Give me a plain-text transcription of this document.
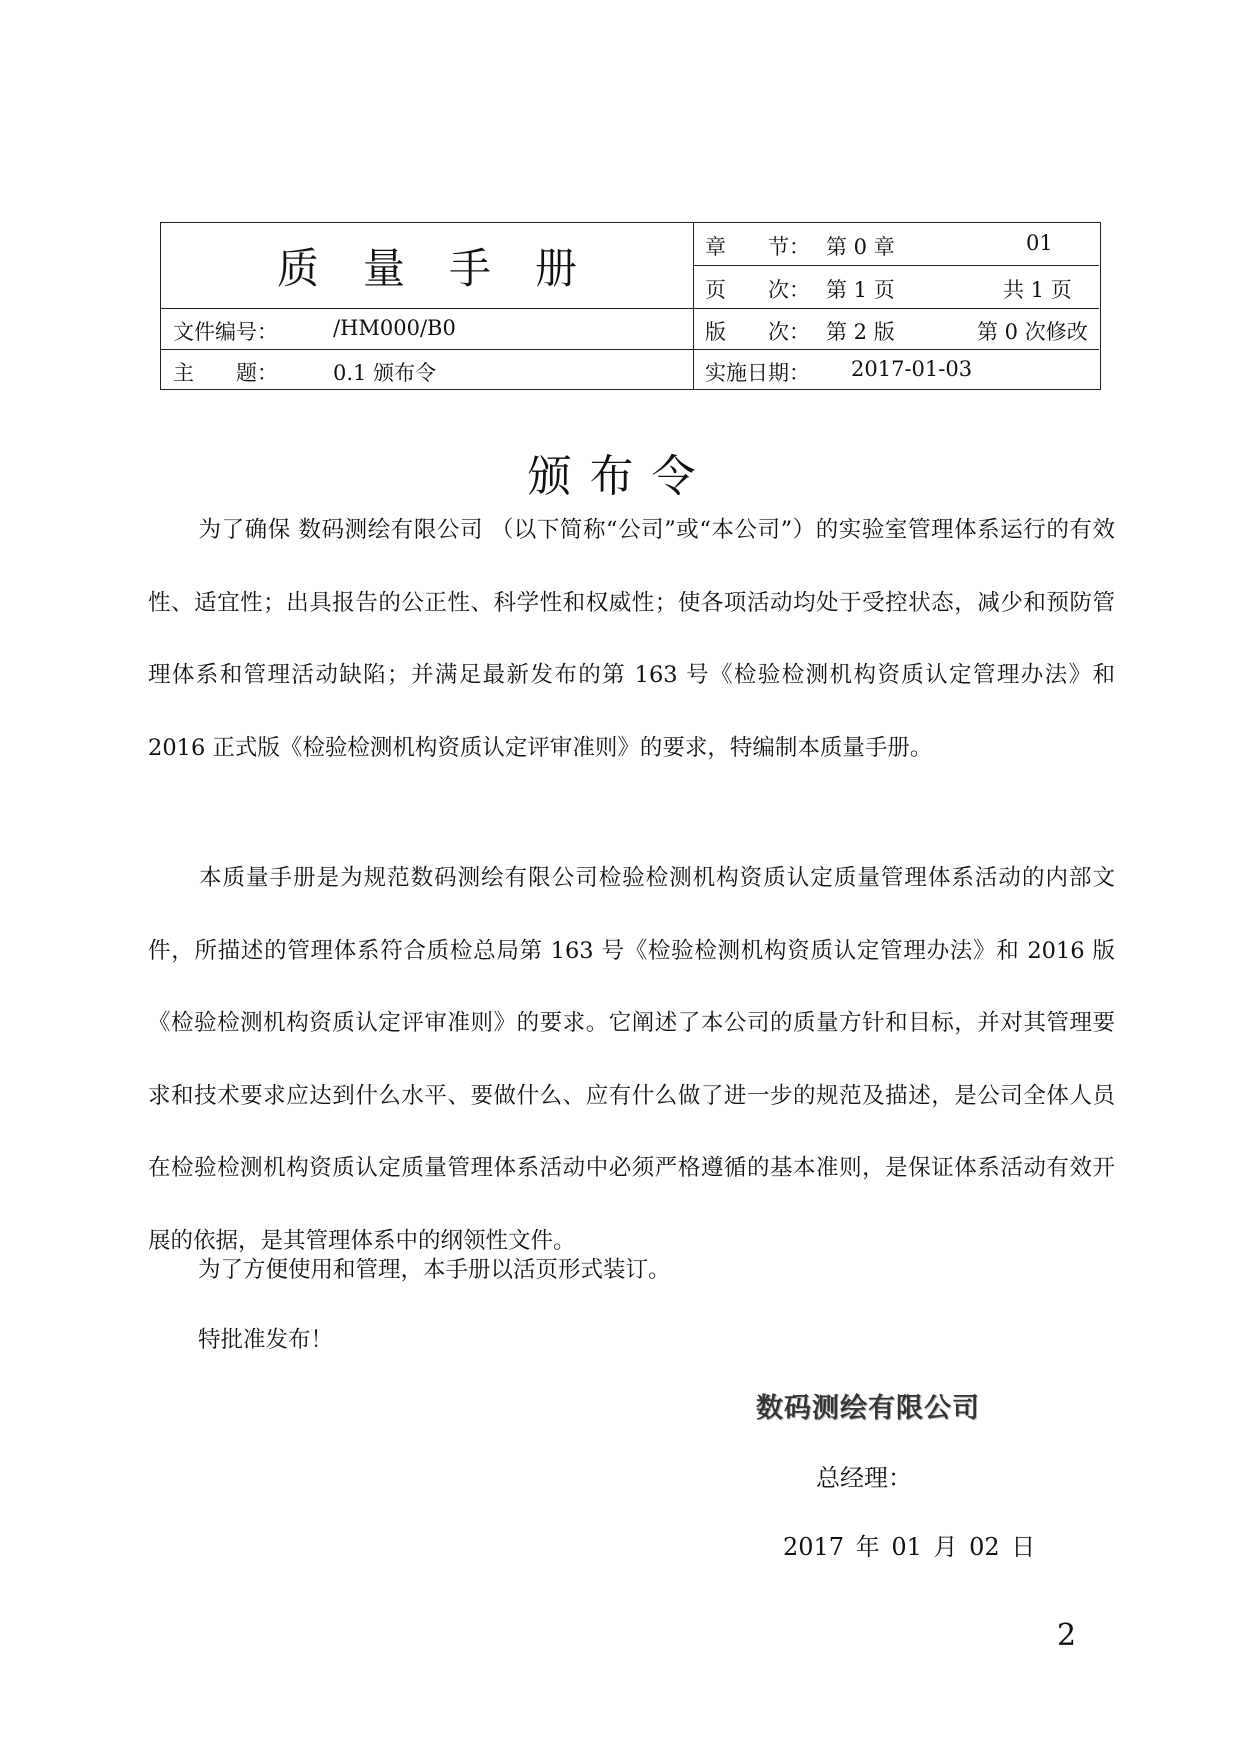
质量手册	章　　节： 第 0 章	01
页　　次： 第 1 页	共 1 页
文件编号：	/HM000/B0	版　　次： 第 2 版	第 0 次修改
主　　题：	0.1 颁布令	实施日期： 2017-01-03
颁布令
为了确保 数码测绘有限公司 （以下简称“公司”或“本公司”）的实验室管理体系运行的有效性、适宜性；出具报告的公正性、科学性和权威性；使各项活动均处于受控状态，减少和预防管理体系和管理活动缺陷；并满足最新发布的第 163 号《检验检测机构资质认定管理办法》和 2016 正式版《检验检测机构资质认定评审准则》的要求，特编制本质量手册。
本质量手册是为规范数码测绘有限公司检验检测机构资质认定质量管理体系活动的内部文件，所描述的管理体系符合质检总局第 163 号《检验检测机构资质认定管理办法》和 2016 版《检验检测机构资质认定评审准则》的要求。它阐述了本公司的质量方针和目标，并对其管理要求和技术要求应达到什么水平、要做什么、应有什么做了进一步的规范及描述，是公司全体人员在检验检测机构资质认定质量管理体系活动中必须严格遵循的基本准则，是保证体系活动有效开展的依据，是其管理体系中的纲领性文件。
为了方便使用和管理，本手册以活页形式装订。
特批准发布！
数码测绘有限公司
总经理：
2017 年 01 月 02 日
2
